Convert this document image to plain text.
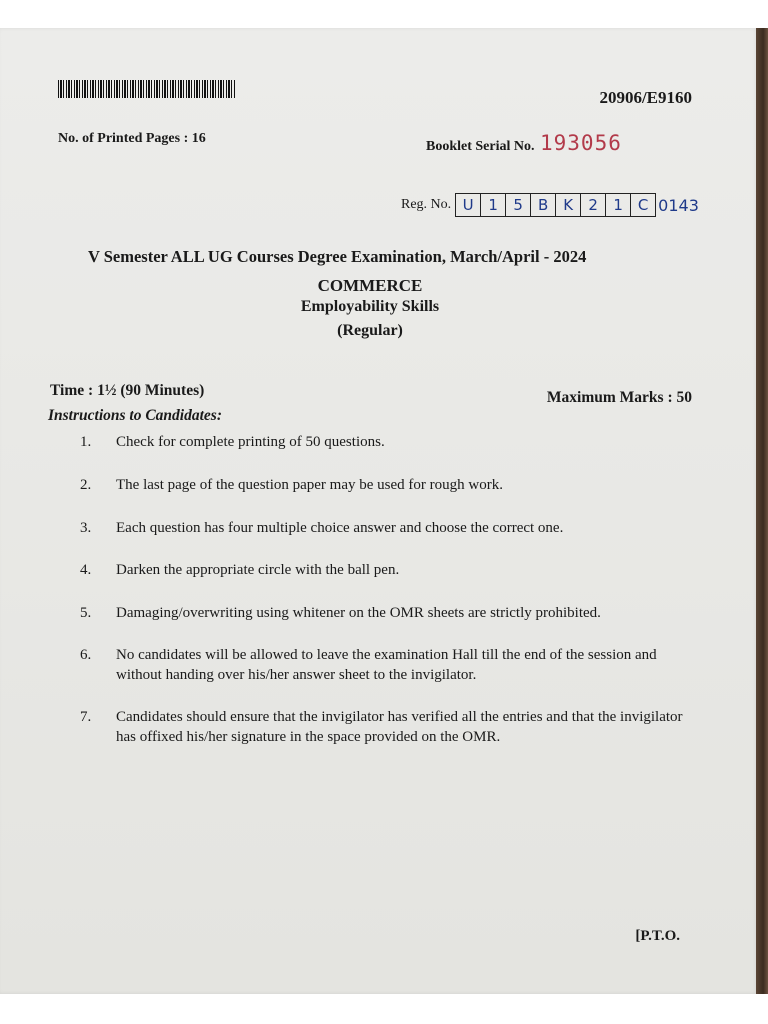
20906/E9160
No. of Printed Pages : 16
Booklet Serial No. 193056
Reg. No. U 1	5	B K	2	1 C 0143
V Semester ALL UG Courses Degree Examination, March/April - 2024
COMMERCE
Employability Skills
(Regular)
Time : 1½ (90 Minutes)	Maximum Marks : 50
Instructions to Candidates:
1.	Check for complete printing of 50 questions.
2.	The last page of the question paper may be used for rough work.
3.	Each question has four multiple choice answer and choose the correct one.
4.	Darken the appropriate circle with the ball pen.
5.	Damaging/overwriting using whitener on the OMR sheets are strictly prohibited.
6.	No candidates will be allowed to leave the examination Hall till the end of the session and without handing over his/her answer sheet to the invigilator.
7.	Candidates should ensure that the invigilator has verified all the entries and that the invigilator has offixed his/her signature in the space provided on the OMR.
[P.T.O.
